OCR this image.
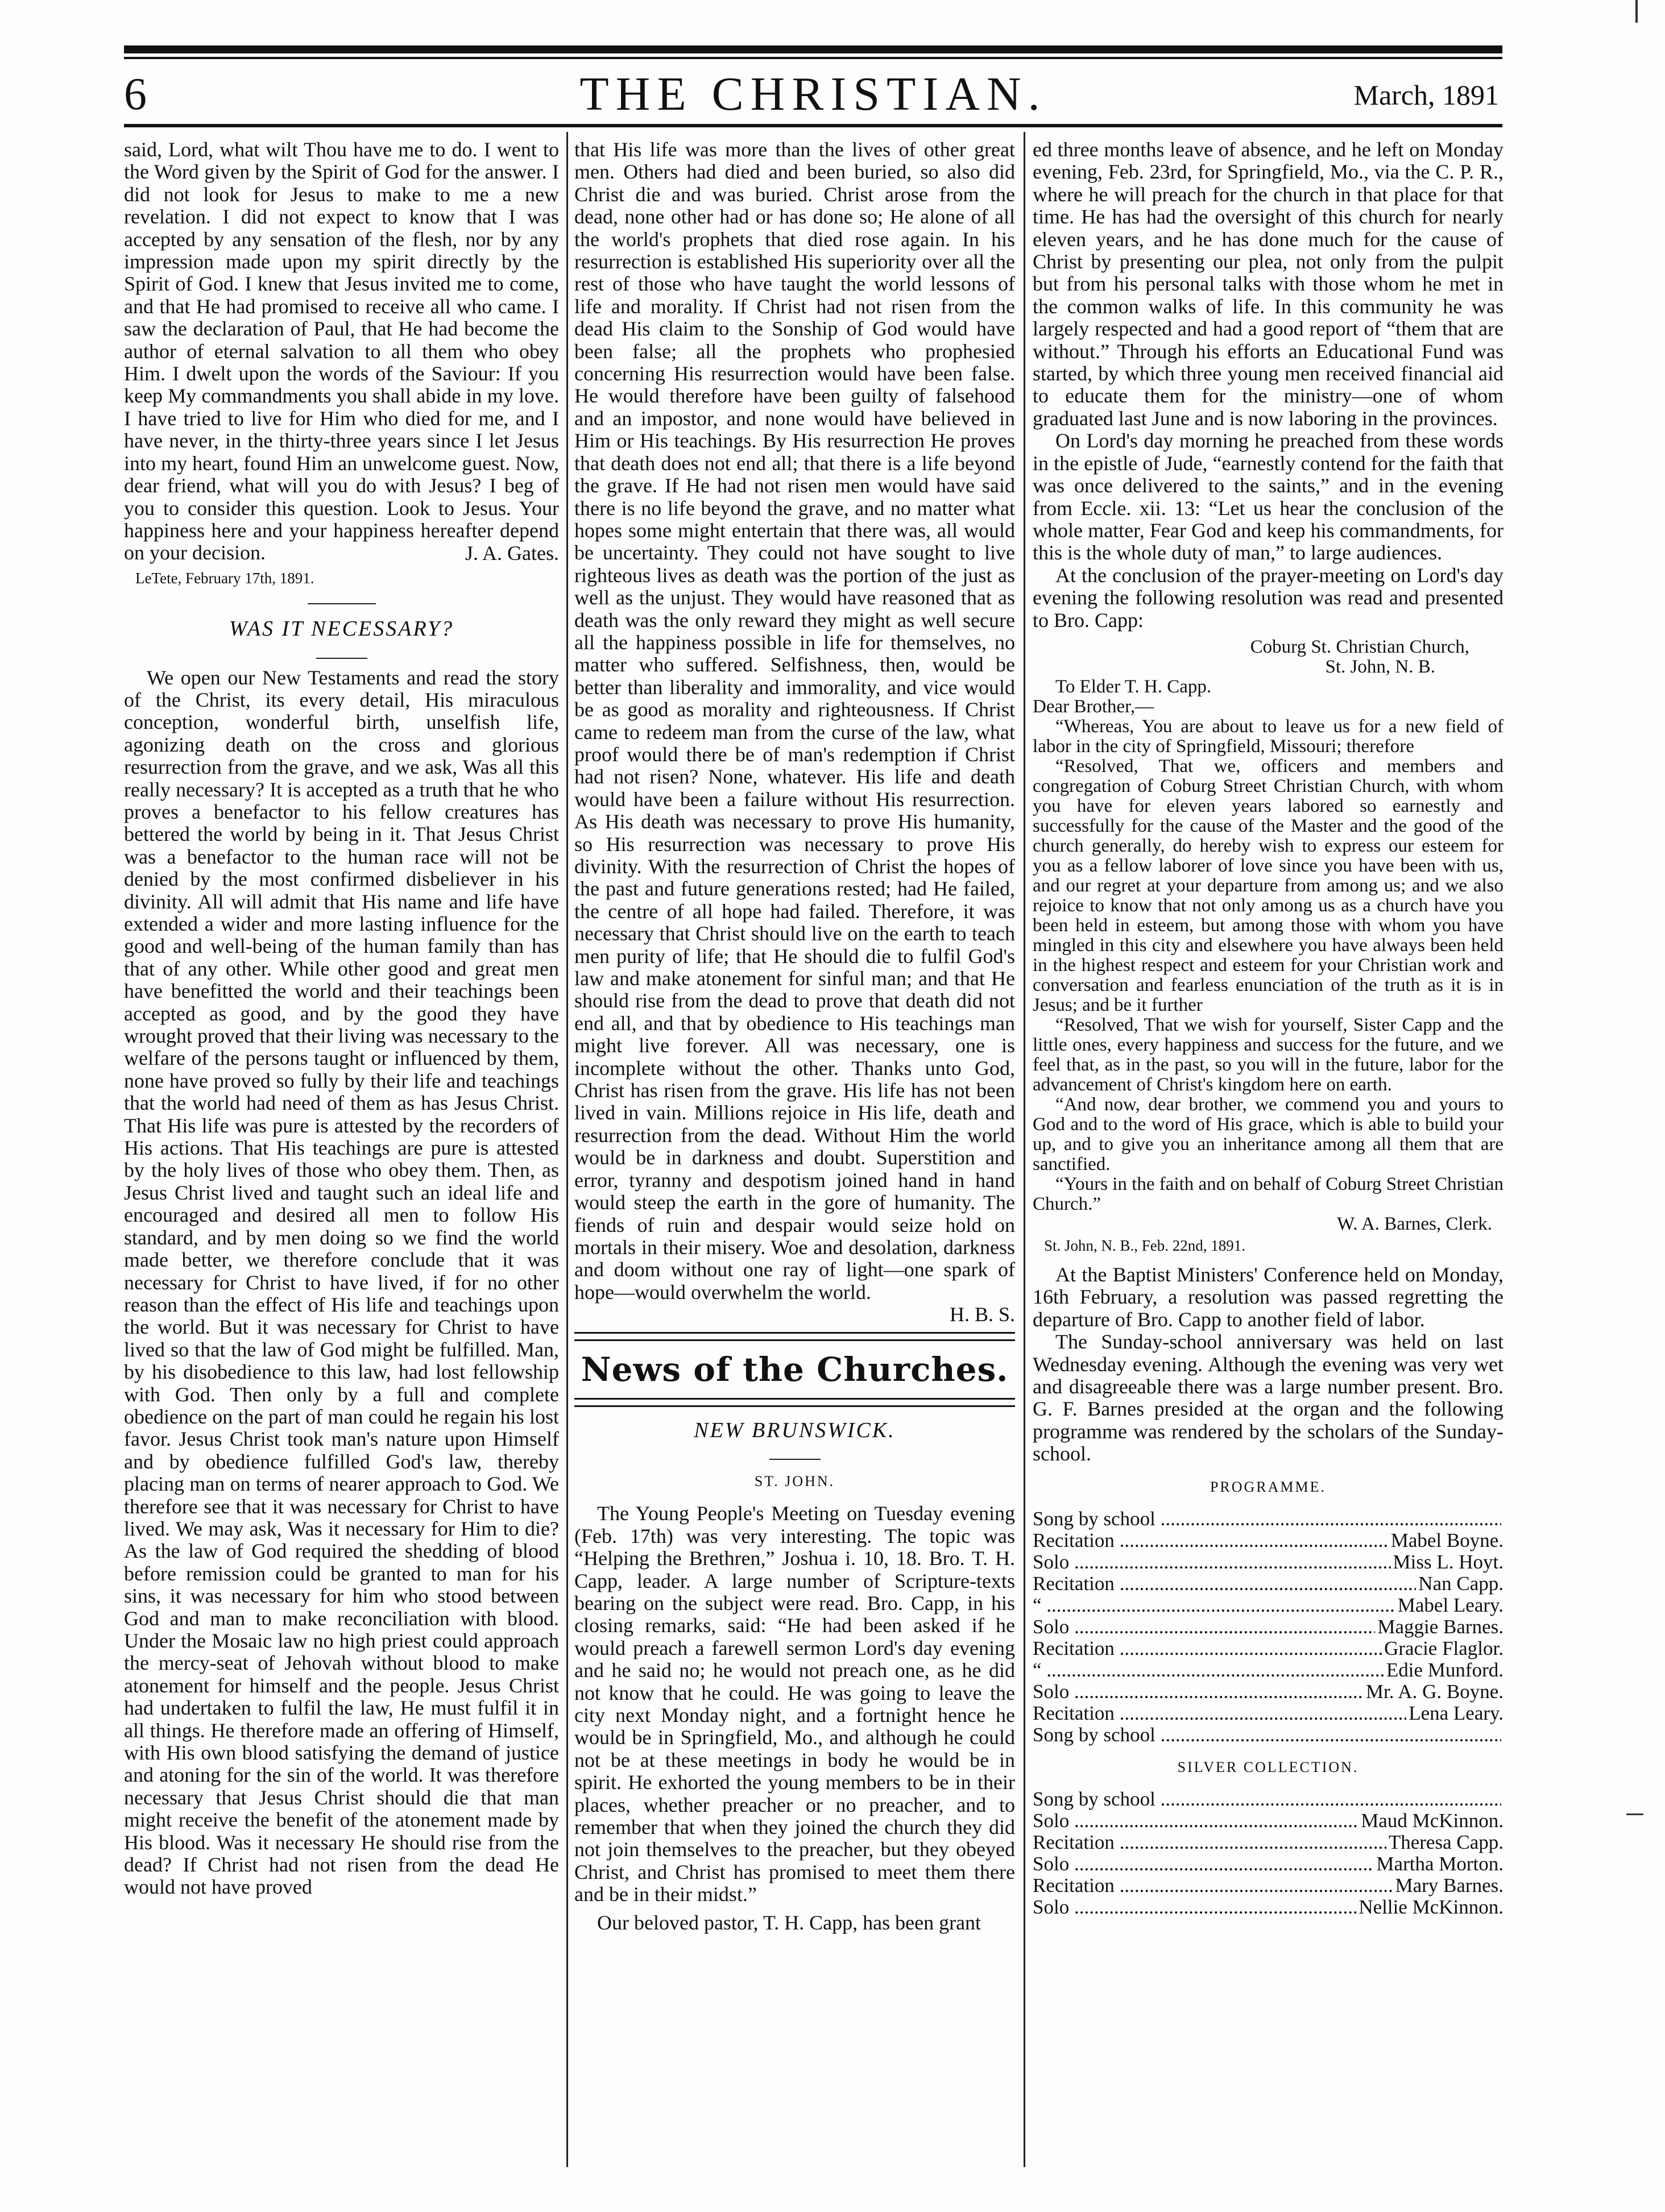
6	THE CHRISTIAN.	March, 1891

said, Lord, what wilt Thou have me to do. I went to the Word given by the Spirit of God for the answer. I did not look for Jesus to make to me a new revelation. I did not expect to know that I was accepted by any sensation of the flesh, nor by any impression made upon my spirit directly by the Spirit of God. I knew that Jesus invited me to come, and that He had promised to receive all who came. I saw the declaration of Paul, that He had become the author of eternal salvation to all them who obey Him. I dwelt upon the words of the Saviour: If you keep My commandments you shall abide in my love. I have tried to live for Him who died for me, and I have never, in the thirty-three years since I let Jesus into my heart, found Him an unwelcome guest. Now, dear friend, what will you do with Jesus? I beg of you to consider this question. Look to Jesus. Your happiness here and your happiness hereafter depend on your decision.	J. A. Gates.

LeTete, February 17th, 1891.
WAS IT NECESSARY?

We open our New Testaments and read the story of the Christ, its every detail, His miraculous conception, wonderful birth, unselfish life, agonizing death on the cross and glorious resurrection from the grave, and we ask, Was all this really necessary? It is accepted as a truth that he who proves a benefactor to his fellow creatures has bettered the world by being in it. That Jesus Christ was a benefactor to the human race will not be denied by the most confirmed disbeliever in his divinity. All will admit that His name and life have extended a wider and more lasting influence for the good and well-being of the human family than has that of any other. While other good and great men have benefitted the world and their teachings been accepted as good, and by the good they have wrought proved that their living was necessary to the welfare of the persons taught or influenced by them, none have proved so fully by their life and teachings that the world had need of them as has Jesus Christ. That His life was pure is attested by the recorders of His actions. That His teachings are pure is attested by the holy lives of those who obey them. Then, as Jesus Christ lived and taught such an ideal life and encouraged and desired all men to follow His standard, and by men doing so we find the world made better, we therefore conclude that it was necessary for Christ to have lived, if for no other reason than the effect of His life and teachings upon the world. But it was necessary for Christ to have lived so that the law of God might be fulfilled. Man, by his disobedience to this law, had lost fellowship with God. Then only by a full and complete obedience on the part of man could he regain his lost favor. Jesus Christ took man's nature upon Himself and by obedience fulfilled God's law, thereby placing man on terms of nearer approach to God. We therefore see that it was necessary for Christ to have lived. We may ask, Was it necessary for Him to die? As the law of God required the shedding of blood before remission could be granted to man for his sins, it was necessary for him who stood between God and man to make reconciliation with blood. Under the Mosaic law no high priest could approach the mercy-seat of Jehovah without blood to make atonement for himself and the people. Jesus Christ had undertaken to fulfil the law, He must fulfil it in all things. He therefore made an offering of Himself, with His own blood satisfying the demand of justice and atoning for the sin of the world. It was therefore necessary that Jesus Christ should die that man might receive the benefit of the atonement made by His blood. Was it necessary He should rise from the dead? If Christ had not risen from the dead He would not have proved

that His life was more than the lives of other great men. Others had died and been buried, so also did Christ die and was buried. Christ arose from the dead, none other had or has done so; He alone of all the world's prophets that died rose again. In his resurrection is established His superiority over all the rest of those who have taught the world lessons of life and morality. If Christ had not risen from the dead His claim to the Sonship of God would have been false; all the prophets who prophesied concerning His resurrection would have been false. He would therefore have been guilty of falsehood and an impostor, and none would have believed in Him or His teachings. By His resurrection He proves that death does not end all; that there is a life beyond the grave. If He had not risen men would have said there is no life beyond the grave, and no matter what hopes some might entertain that there was, all would be uncertainty. They could not have sought to live righteous lives as death was the portion of the just as well as the unjust. They would have reasoned that as death was the only reward they might as well secure all the happiness possible in life for themselves, no matter who suffered. Selfishness, then, would be better than liberality and immorality, and vice would be as good as morality and righteousness. If Christ came to redeem man from the curse of the law, what proof would there be of man's redemption if Christ had not risen? None, whatever. His life and death would have been a failure without His resurrection. As His death was necessary to prove His humanity, so His resurrection was necessary to prove His divinity. With the resurrection of Christ the hopes of the past and future generations rested; had He failed, the centre of all hope had failed. Therefore, it was necessary that Christ should live on the earth to teach men purity of life; that He should die to fulfil God's law and make atonement for sinful man; and that He should rise from the dead to prove that death did not end all, and that by obedience to His teachings man might live forever. All was necessary, one is incomplete without the other. Thanks unto God, Christ has risen from the grave. His life has not been lived in vain. Millions rejoice in His life, death and resurrection from the dead. Without Him the world would be in darkness and doubt. Superstition and error, tyranny and despotism joined hand in hand would steep the earth in the gore of humanity. The fiends of ruin and despair would seize hold on mortals in their misery. Woe and desolation, darkness and doom without one ray of light—one spark of hope—would overwhelm the world.

H. B. S.

News of the Churches.
NEW BRUNSWICK.
ST. JOHN.

The Young People's Meeting on Tuesday evening (Feb. 17th) was very interesting. The topic was “Helping the Brethren,” Joshua i. 10, 18. Bro. T. H. Capp, leader. A large number of Scripture-texts bearing on the subject were read. Bro. Capp, in his closing remarks, said: “He had been asked if he would preach a farewell sermon Lord's day evening and he said no; he would not preach one, as he did not know that he could. He was going to leave the city next Monday night, and a fortnight hence he would be in Springfield, Mo., and although he could not be at these meetings in body he would be in spirit. He exhorted the young members to be in their places, whether preacher or no preacher, and to remember that when they joined the church they did not join themselves to the preacher, but they obeyed Christ, and Christ has promised to meet them there and be in their midst.”

Our beloved pastor, T. H. Capp, has been grant

ed three months leave of absence, and he left on Monday evening, Feb. 23rd, for Springfield, Mo., via the C. P. R., where he will preach for the church in that place for that time. He has had the oversight of this church for nearly eleven years, and he has done much for the cause of Christ by presenting our plea, not only from the pulpit but from his personal talks with those whom he met in the common walks of life. In this community he was largely respected and had a good report of “them that are without.” Through his efforts an Educational Fund was started, by which three young men received financial aid to educate them for the ministry—one of whom graduated last June and is now laboring in the provinces.

On Lord's day morning he preached from these words in the epistle of Jude, “earnestly contend for the faith that was once delivered to the saints,” and in the evening from Eccle. xii. 13: “Let us hear the conclusion of the whole matter, Fear God and keep his commandments, for this is the whole duty of man,” to large audiences.

At the conclusion of the prayer-meeting on Lord's day evening the following resolution was read and presented to Bro. Capp:

Coburg St. Christian Church,

St. John, N. B.

To Elder T. H. Capp.

Dear Brother,—

“Whereas, You are about to leave us for a new field of labor in the city of Springfield, Missouri; therefore

“Resolved, That we, officers and members and congregation of Coburg Street Christian Church, with whom you have for eleven years labored so earnestly and successfully for the cause of the Master and the good of the church generally, do hereby wish to express our esteem for you as a fellow laborer of love since you have been with us, and our regret at your departure from among us; and we also rejoice to know that not only among us as a church have you been held in esteem, but among those with whom you have mingled in this city and elsewhere you have always been held in the highest respect and esteem for your Christian work and conversation and fearless enunciation of the truth as it is in Jesus; and be it further

“Resolved, That we wish for yourself, Sister Capp and the little ones, every happiness and success for the future, and we feel that, as in the past, so you will in the future, labor for the advancement of Christ's kingdom here on earth.

“And now, dear brother, we commend you and yours to God and to the word of His grace, which is able to build your up, and to give you an inheritance among all them that are sanctified.

“Yours in the faith and on behalf of Coburg Street Christian Church.”

W. A. Barnes, Clerk.

St. John, N. B., Feb. 22nd, 1891.

At the Baptist Ministers' Conference held on Monday, 16th February, a resolution was passed regretting the departure of Bro. Capp to another field of labor.

The Sunday-school anniversary was held on last Wednesday evening. Although the evening was very wet and disagreeable there was a large number present. Bro. G. F. Barnes presided at the organ and the following programme was rendered by the scholars of the Sunday-school.

PROGRAMME.
Song by school .....
Recitation .....	Mabel Boyne.
Solo .....	Miss L. Hoyt.
Recitation .....	Nan Capp.
“ .....	Mabel Leary.
Solo .....	Maggie Barnes.
Recitation .....	Gracie Flaglor.
“ .....	Edie Munford.
Solo .....	Mr. A. G. Boyne.
Recitation .....	Lena Leary.
Song by school .....
SILVER COLLECTION.
Song by school .....
Solo .....	Maud McKinnon.
Recitation .....	Theresa Capp.
Solo .....	Martha Morton.
Recitation .....	Mary Barnes.
Solo .....	Nellie McKinnon.
